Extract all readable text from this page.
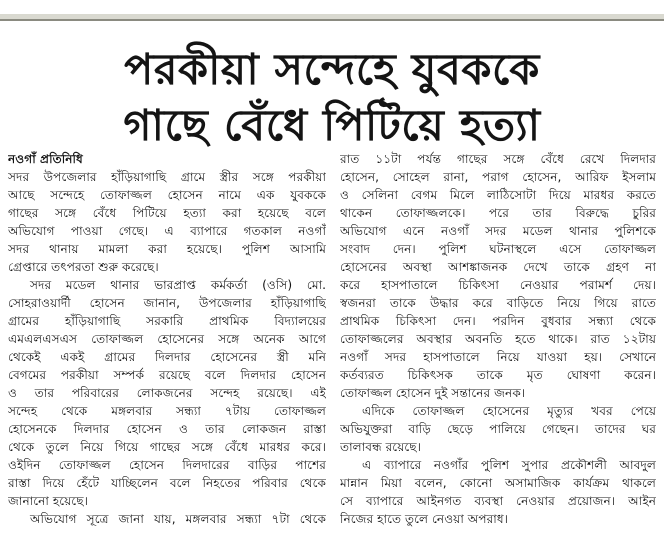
পরকীয়া সন্দেহে যুবককে
গাছে বেঁধে পিটিয়ে হত্যা
নওগাঁ প্রতিনিধি
সদর উপজেলার হাঁড়িয়াগাছি গ্রামে স্ত্রীর সঙ্গে পরকীয়া
আছে সন্দেহে তোফাজ্জল হোসেন নামে এক যুবককে
গাছের সঙ্গে বেঁধে পিটিয়ে হত্যা করা হয়েছে বলে
অভিযোগ পাওয়া গেছে। এ ব্যাপারে গতকাল নওগাঁ
সদর থানায় মামলা করা হয়েছে। পুলিশ আসামি
গ্রেপ্তারে তৎপরতা শুরু করেছে।
সদর মডেল থানার ভারপ্রাপ্ত কর্মকর্তা (ওসি) মো.
সোহরাওয়ার্দী হোসেন জানান, উপজেলার হাঁড়িয়াগাছি
গ্রামের হাঁড়িয়াগাছি সরকারি প্রাথমিক বিদ্যালয়ের
এমএলএসএস তোফাজ্জল হোসেনের সঙ্গে অনেক আগে
থেকেই একই গ্রামের দিলদার হোসেনের স্ত্রী মনি
বেগমের পরকীয়া সম্পর্ক রয়েছে বলে দিলদার হোসেন
ও তার পরিবারের লোকজনের সন্দেহ রয়েছে। এই
সন্দেহ থেকে মঙ্গলবার সন্ধ্যা ৭টায় তোফাজ্জল
হোসেনকে দিলদার হোসেন ও তার লোকজন রাস্তা
থেকে তুলে নিয়ে গিয়ে গাছের সঙ্গে বেঁধে মারধর করে।
ওইদিন তোফাজ্জল হোসেন দিলদারের বাড়ির পাশের
রাস্তা দিয়ে হেঁটে যাচ্ছিলেন বলে নিহতের পরিবার থেকে
জানানো হয়েছে।
অভিযোগ সূত্রে জানা যায়, মঙ্গলবার সন্ধ্যা ৭টা থেকে
রাত ১১টা পর্যন্ত গাছের সঙ্গে বেঁধে রেখে দিলদার
হোসেন, সোহেল রানা, পরাগ হোসেন, আরিফ ইসলাম
ও সেলিনা বেগম মিলে লাঠিসোটা দিয়ে মারধর করতে
থাকেন তোফাজ্জলকে। পরে তার বিরুদ্ধে চুরির
অভিযোগ এনে নওগাঁ সদর মডেল থানার পুলিশকে
সংবাদ দেন। পুলিশ ঘটনাস্থলে এসে তোফাজ্জল
হোসেনের অবস্থা আশঙ্কাজনক দেখে তাকে গ্রহণ না
করে হাসপাতালে চিকিৎসা নেওয়ার পরামর্শ দেয়।
স্বজনরা তাকে উদ্ধার করে বাড়িতে নিয়ে গিয়ে রাতে
প্রাথমিক চিকিৎসা দেন। পরদিন বুধবার সন্ধ্যা থেকে
তোফাজ্জলের অবস্থার অবনতি হতে থাকে। রাত ১২টায়
নওগাঁ সদর হাসপাতালে নিয়ে যাওয়া হয়। সেখানে
কর্তব্যরত চিকিৎসক তাকে মৃত ঘোষণা করেন।
তোফাজ্জল হোসেন দুই সন্তানের জনক।
এদিকে তোফাজ্জল হোসেনের মৃত্যুর খবর পেয়ে
অভিযুক্তরা বাড়ি ছেড়ে পালিয়ে গেছেন। তাদের ঘর
তালাবন্ধ রয়েছে।
এ ব্যাপারে নওগাঁর পুলিশ সুপার প্রকৌশলী আবদুল
মান্নান মিয়া বলেন, কোনো অসামাজিক কার্যক্রম থাকলে
সে ব্যাপারে আইনগত ব্যবস্থা নেওয়ার প্রয়োজন। আইন
নিজের হাতে তুলে নেওয়া অপরাধ।
